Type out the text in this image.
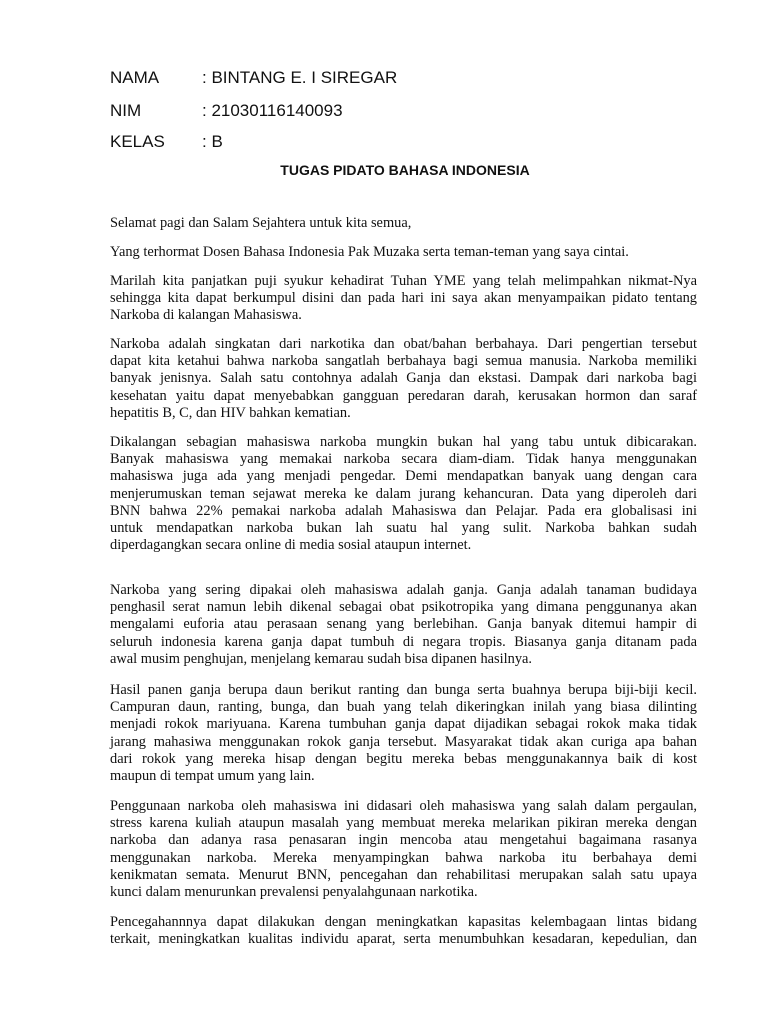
NAMA	: BINTANG E. I SIREGAR
NIM	: 21030116140093
KELAS : B
TUGAS PIDATO BAHASA INDONESIA
Selamat pagi dan Salam Sejahtera untuk kita semua,
Yang terhormat Dosen Bahasa Indonesia Pak Muzaka serta teman-teman yang saya cintai.
Marilah kita panjatkan puji syukur kehadirat Tuhan YME yang telah melimpahkan nikmat-Nya
sehingga kita dapat berkumpul disini dan pada hari ini saya akan menyampaikan pidato tentang
Narkoba di kalangan Mahasiswa.
Narkoba adalah singkatan dari narkotika dan obat/bahan berbahaya. Dari pengertian tersebut
dapat kita ketahui bahwa narkoba sangatlah berbahaya bagi semua manusia. Narkoba memiliki
banyak jenisnya. Salah satu contohnya adalah Ganja dan ekstasi. Dampak dari narkoba bagi
kesehatan yaitu dapat menyebabkan gangguan peredaran darah, kerusakan hormon dan saraf
hepatitis B, C, dan HIV bahkan kematian.
Dikalangan sebagian mahasiswa narkoba mungkin bukan hal yang tabu untuk dibicarakan.
Banyak mahasiswa yang memakai narkoba secara diam-diam. Tidak hanya menggunakan
mahasiswa juga ada yang menjadi pengedar. Demi mendapatkan banyak uang dengan cara
menjerumuskan teman sejawat mereka ke dalam jurang kehancuran. Data yang diperoleh dari
BNN bahwa 22% pemakai narkoba adalah Mahasiswa dan Pelajar. Pada era globalisasi ini
untuk mendapatkan narkoba bukan lah suatu hal yang sulit. Narkoba bahkan sudah
diperdagangkan secara online di media sosial ataupun internet.
Narkoba yang sering dipakai oleh mahasiswa adalah ganja. Ganja adalah tanaman budidaya
penghasil serat namun lebih dikenal sebagai obat psikotropika yang dimana penggunanya akan
mengalami euforia atau perasaan senang yang berlebihan. Ganja banyak ditemui hampir di
seluruh indonesia karena ganja dapat tumbuh di negara tropis. Biasanya ganja ditanam pada
awal musim penghujan, menjelang kemarau sudah bisa dipanen hasilnya.
Hasil panen ganja berupa daun berikut ranting dan bunga serta buahnya berupa biji-biji kecil.
Campuran daun, ranting, bunga, dan buah yang telah dikeringkan inilah yang biasa dilinting
menjadi rokok mariyuana. Karena tumbuhan ganja dapat dijadikan sebagai rokok maka tidak
jarang mahasiwa menggunakan rokok ganja tersebut. Masyarakat tidak akan curiga apa bahan
dari rokok yang mereka hisap dengan begitu mereka bebas menggunakannya baik di kost
maupun di tempat umum yang lain.
Penggunaan narkoba oleh mahasiswa ini didasari oleh mahasiswa yang salah dalam pergaulan,
stress karena kuliah ataupun masalah yang membuat mereka melarikan pikiran mereka dengan
narkoba dan adanya rasa penasaran ingin mencoba atau mengetahui bagaimana rasanya
menggunakan narkoba. Mereka menyampingkan bahwa narkoba itu berbahaya demi
kenikmatan semata. Menurut BNN, pencegahan dan rehabilitasi merupakan salah satu upaya
kunci dalam menurunkan prevalensi penyalahgunaan narkotika.
Pencegahannnya dapat dilakukan dengan meningkatkan kapasitas kelembagaan lintas bidang
terkait, meningkatkan kualitas individu aparat, serta menumbuhkan kesadaran, kepedulian, dan
